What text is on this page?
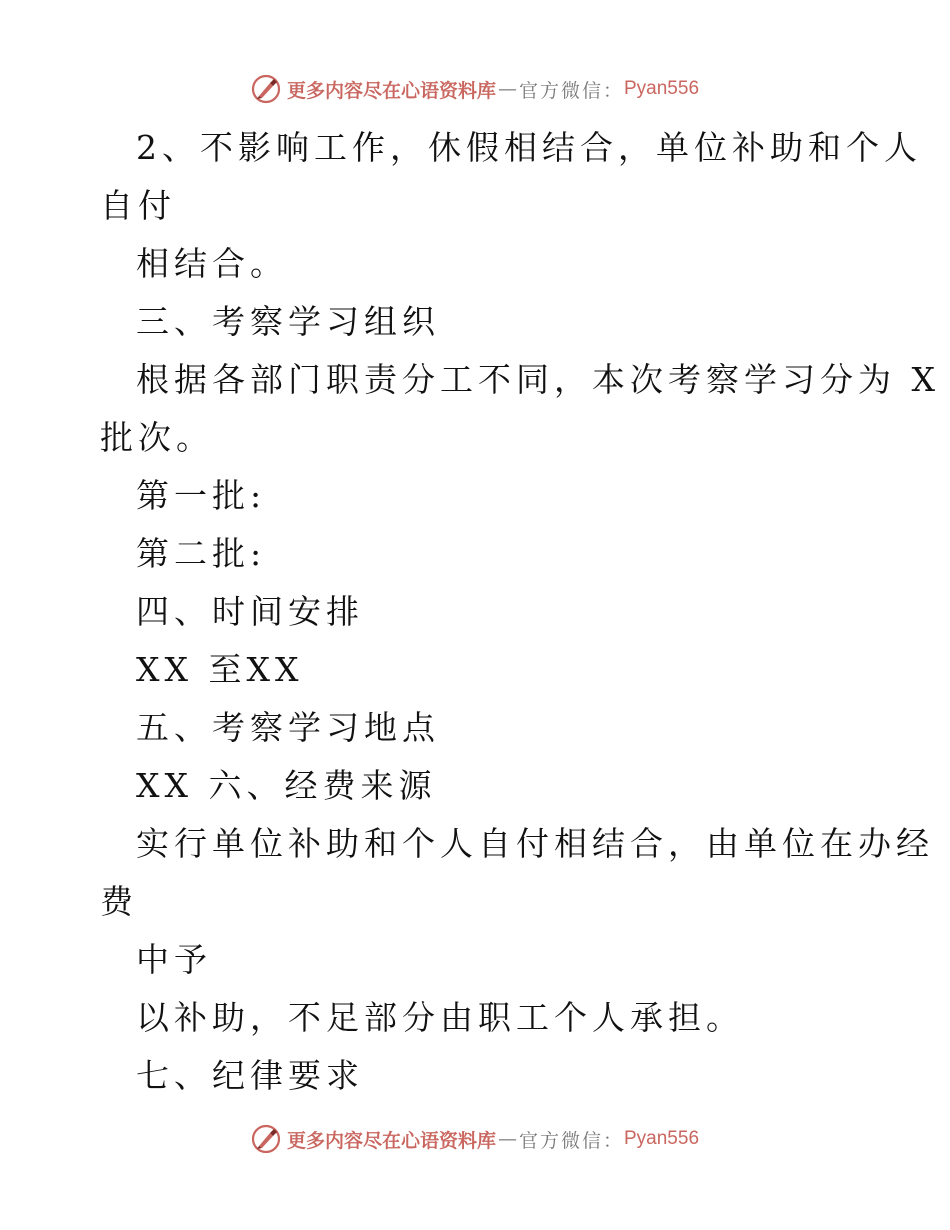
更多内容尽在心语资料库 — 官方微信： Pyan556
2、不影响工作，休假相结合，单位补助和个人
自付
相结合。
三、考察学习组织
根据各部门职责分工不同，本次考察学习分为 X
批次。
第一批:
第二批:
四、时间安排
XX 至XX
五、考察学习地点
XX 六、经费来源
实行单位补助和个人自付相结合，由单位在办经
费
中予
以补助，不足部分由职工个人承担。
七、纪律要求
更多内容尽在心语资料库 — 官方微信： Pyan556
